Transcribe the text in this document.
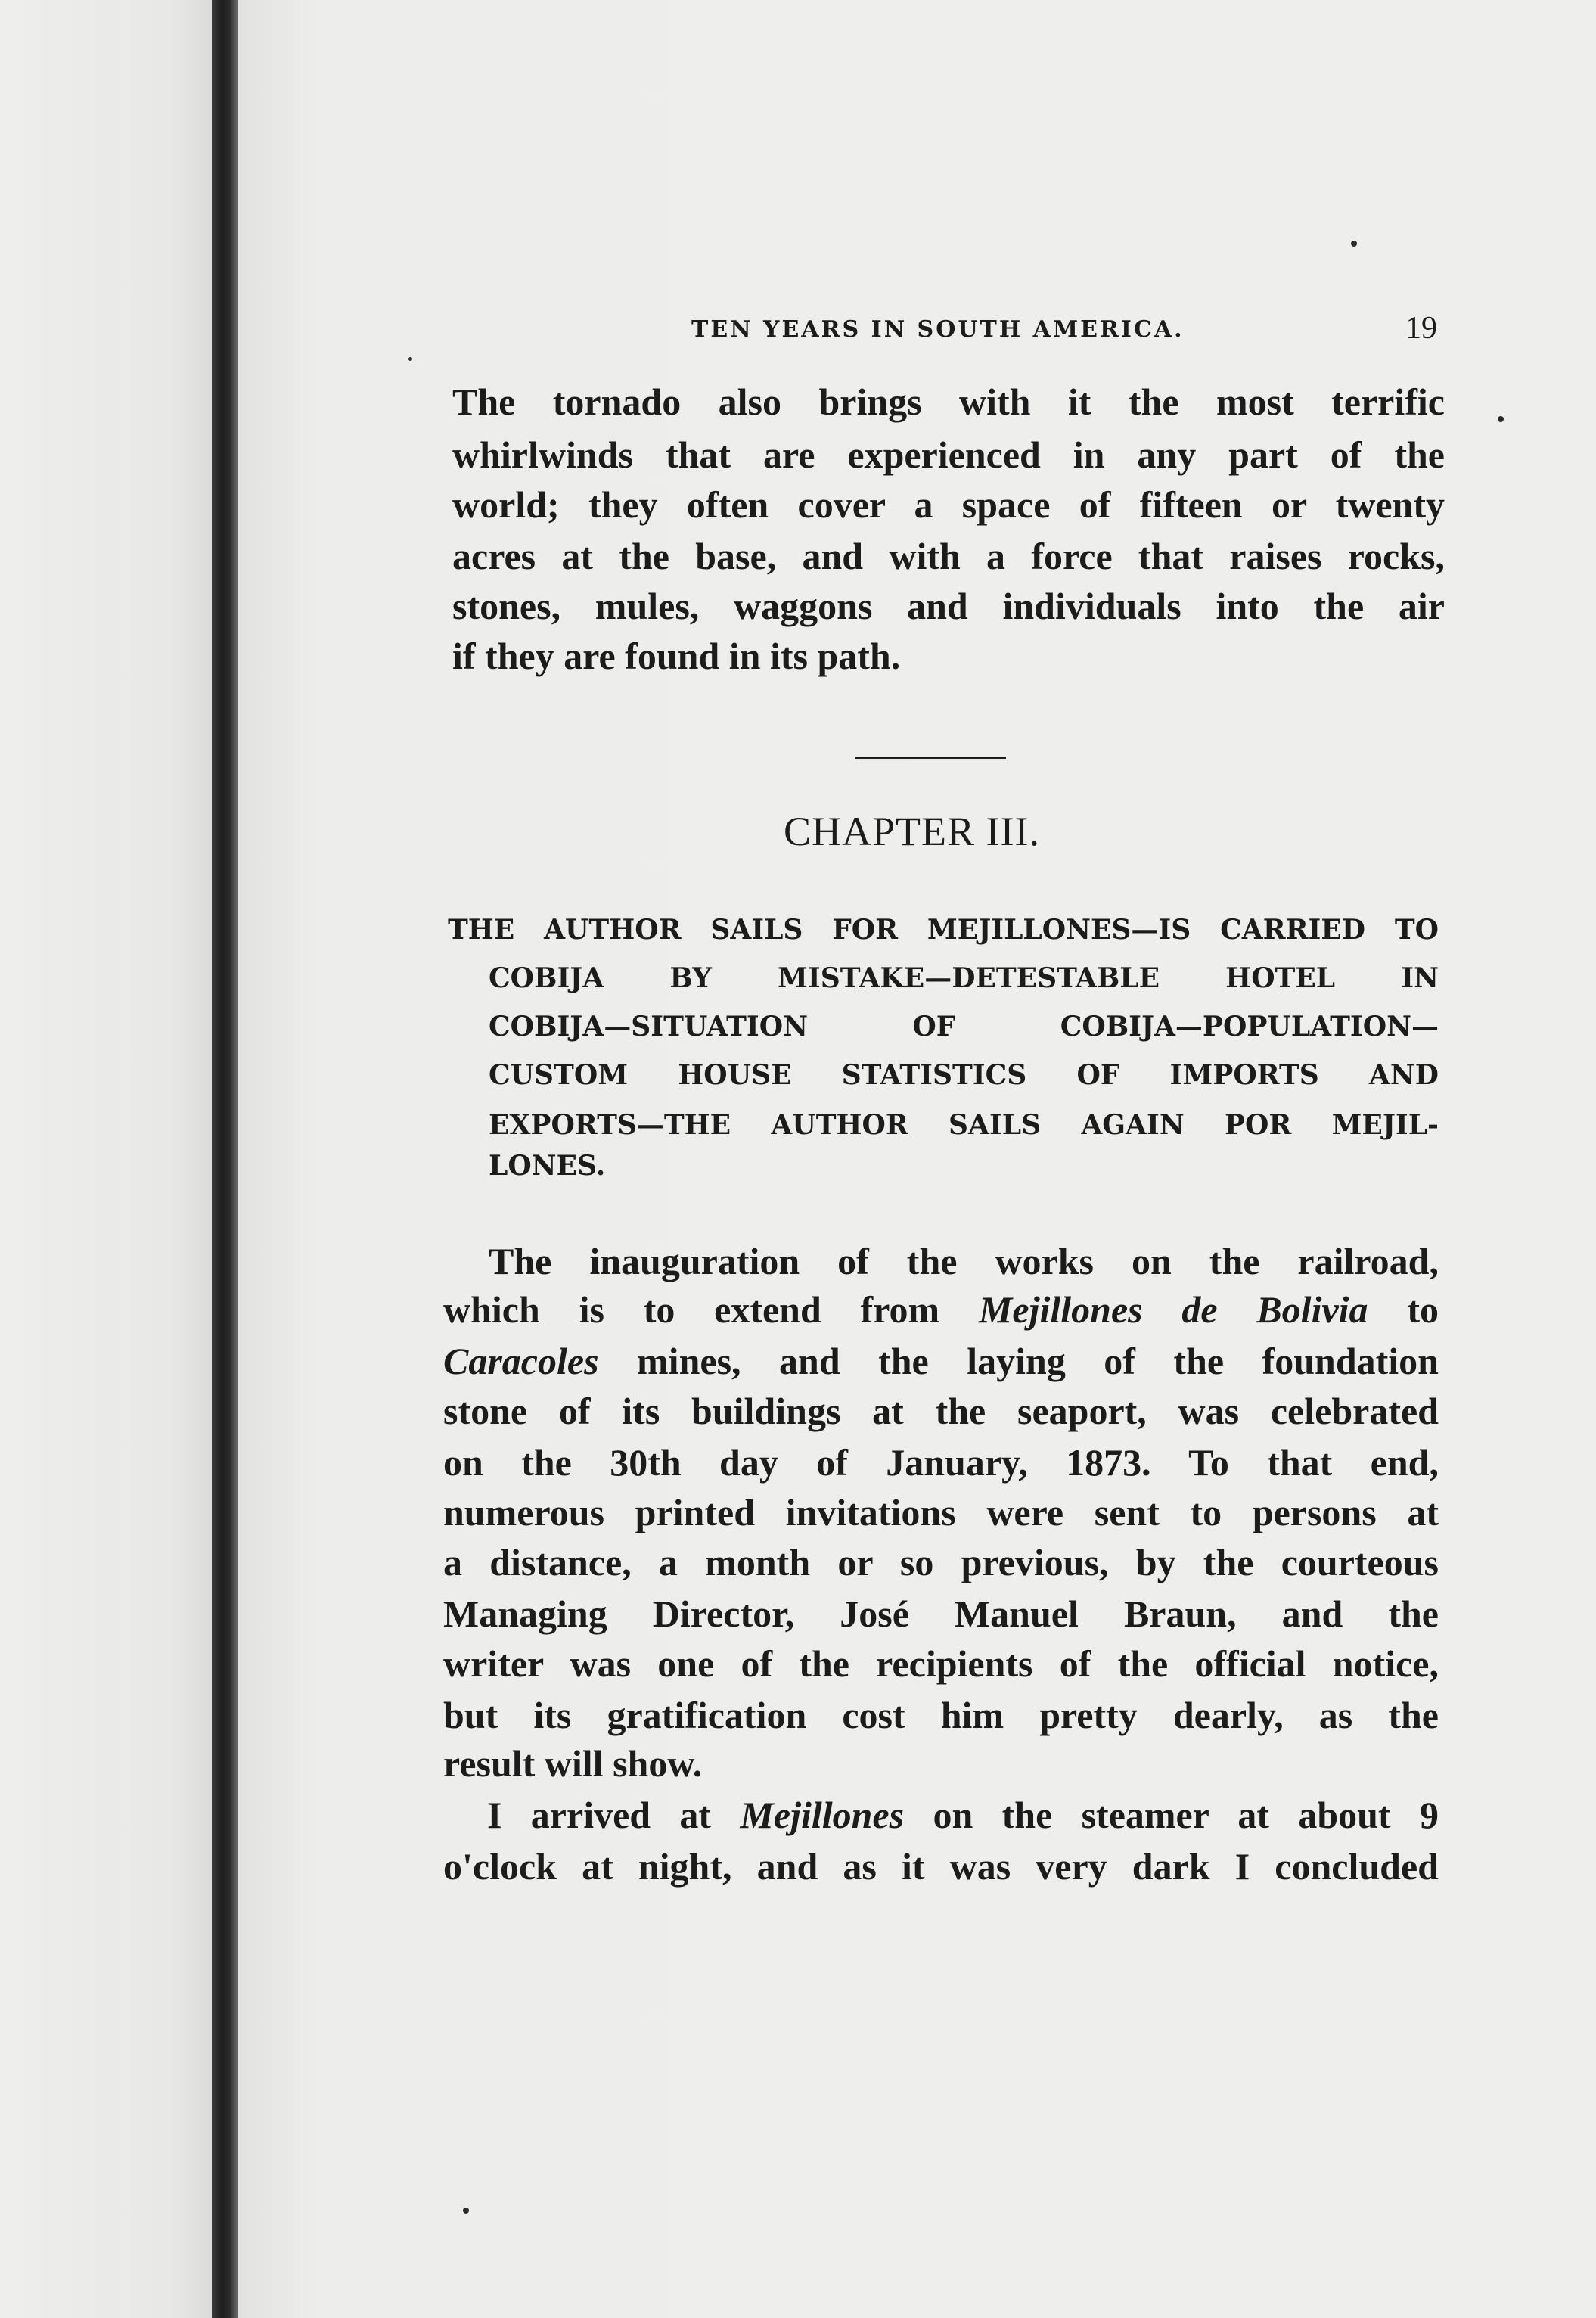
TEN YEARS IN SOUTH AMERICA.	19
The tornado also brings with it the most terrific
whirlwinds that are experienced in any part of the
world; they often cover a space of fifteen or twenty
acres at the base, and with a force that raises rocks,
stones, mules, waggons and individuals into the air
if they are found in its path.
CHAPTER III.
THE AUTHOR SAILS FOR MEJILLONES—IS CARRIED TO
COBIJA BY MISTAKE—DETESTABLE HOTEL IN
COBIJA—SITUATION OF COBIJA—POPULATION—
CUSTOM HOUSE STATISTICS OF IMPORTS AND
EXPORTS—THE AUTHOR SAILS AGAIN POR MEJIL-
LONES.
The inauguration of the works on the railroad,
which is to extend from Mejillones de Bolivia to
Caracoles mines, and the laying of the foundation
stone of its buildings at the seaport, was celebrated
on the 30th day of January, 1873. To that end,
numerous printed invitations were sent to persons at
a distance, a month or so previous, by the courteous
Managing Director, José Manuel Braun, and the
writer was one of the recipients of the official notice,
but its gratification cost him pretty dearly, as the
result will show.
I arrived at Mejillones on the steamer at about 9
o'clock at night, and as it was very dark I concluded
